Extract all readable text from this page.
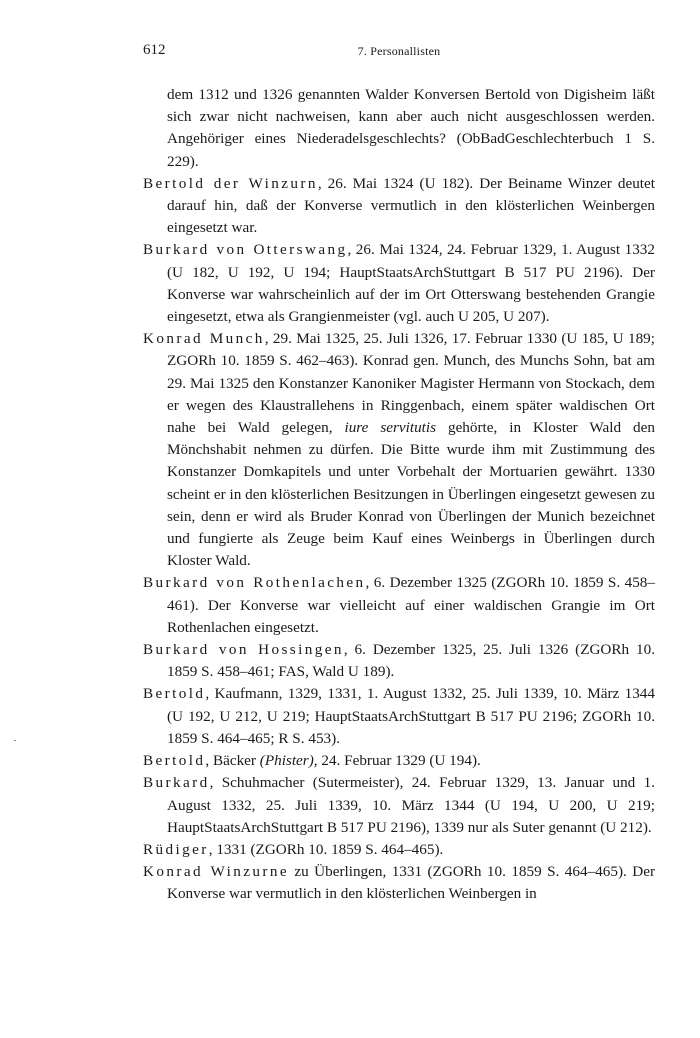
612	7. Personallisten

dem 1312 und 1326 genannten Walder Konversen Bertold von Digisheim läßt sich zwar nicht nachweisen, kann aber auch nicht ausgeschlossen werden. Angehöriger eines Niederadelsgeschlechts? (ObBadGeschlechterbuch 1 S. 229).

Bertold der Winzurn, 26. Mai 1324 (U 182). Der Beiname Winzer deutet darauf hin, daß der Konverse vermutlich in den klösterlichen Weinbergen eingesetzt war.

Burkard von Otterswang, 26. Mai 1324, 24. Februar 1329, 1. August 1332 (U 182, U 192, U 194; HauptStaatsArchStuttgart B 517 PU 2196). Der Konverse war wahrscheinlich auf der im Ort Otterswang bestehenden Grangie eingesetzt, etwa als Grangienmeister (vgl. auch U 205, U 207).

Konrad Munch, 29. Mai 1325, 25. Juli 1326, 17. Februar 1330 (U 185, U 189; ZGORh 10. 1859 S. 462–463). Konrad gen. Munch, des Munchs Sohn, bat am 29. Mai 1325 den Konstanzer Kanoniker Magister Hermann von Stockach, dem er wegen des Klaustrallehens in Ringgenbach, einem später waldischen Ort nahe bei Wald gelegen, iure servitutis gehörte, in Kloster Wald den Mönchshabit nehmen zu dürfen. Die Bitte wurde ihm mit Zustimmung des Konstanzer Domkapitels und unter Vorbehalt der Mortuarien gewährt. 1330 scheint er in den klösterlichen Besitzungen in Überlingen eingesetzt gewesen zu sein, denn er wird als Bruder Konrad von Überlingen der Munich bezeichnet und fungierte als Zeuge beim Kauf eines Weinbergs in Überlingen durch Kloster Wald.

Burkard von Rothenlachen, 6. Dezember 1325 (ZGORh 10. 1859 S. 458–461). Der Konverse war vielleicht auf einer waldischen Grangie im Ort Rothenlachen eingesetzt.

Burkard von Hossingen, 6. Dezember 1325, 25. Juli 1326 (ZGORh 10. 1859 S. 458–461; FAS, Wald U 189).

Bertold, Kaufmann, 1329, 1331, 1. August 1332, 25. Juli 1339, 10. März 1344 (U 192, U 212, U 219; HauptStaatsArchStuttgart B 517 PU 2196; ZGORh 10. 1859 S. 464–465; R S. 453).

Bertold, Bäcker (Phister), 24. Februar 1329 (U 194).

Burkard, Schuhmacher (Sutermeister), 24. Februar 1329, 13. Januar und 1. August 1332, 25. Juli 1339, 10. März 1344 (U 194, U 200, U 219; HauptStaatsArchStuttgart B 517 PU 2196), 1339 nur als Suter genannt (U 212).

Rüdiger, 1331 (ZGORh 10. 1859 S. 464–465).

Konrad Winzurne zu Überlingen, 1331 (ZGORh 10. 1859 S. 464–465). Der Konverse war vermutlich in den klösterlichen Weinbergen in
